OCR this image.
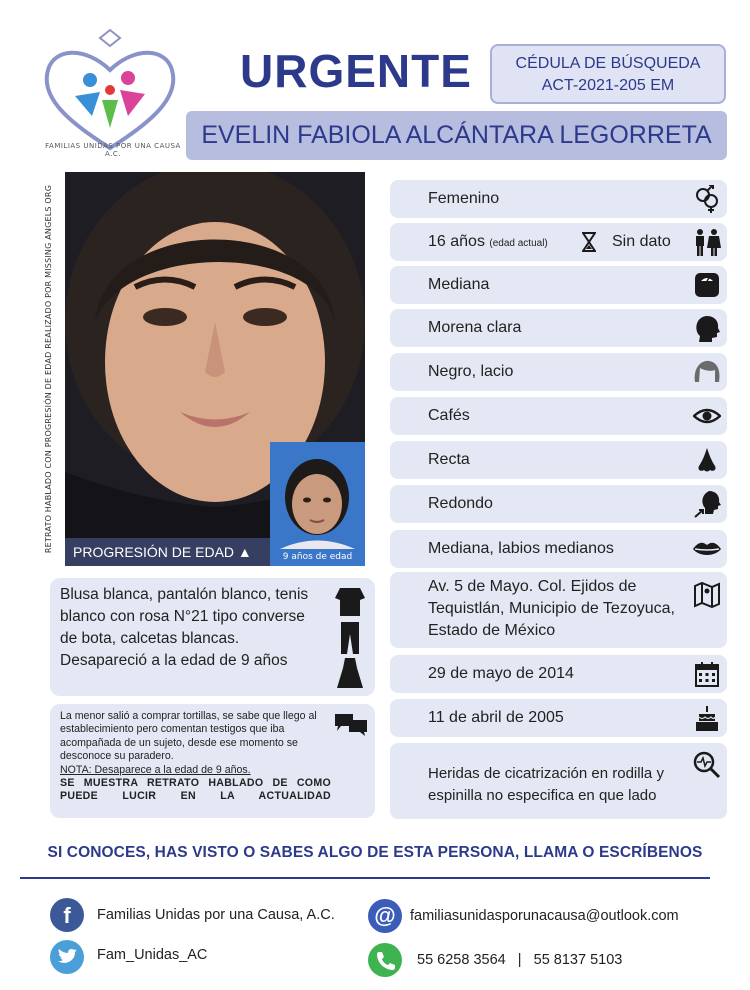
FAMILIAS UNIDAS POR UNA CAUSA A.C.
URGENTE	CÉDULA DE BÚSQUEDA
ACT-2021-205 EM
EVELIN FABIOLA ALCÁNTARA LEGORRETA
RETRATO HABLADO CON PROGRESIÓN DE EDAD REALIZADO POR MISSING ANGELS ORG
9 años de edad
PROGRESIÓN DE EDAD ▲
Blusa blanca, pantalón blanco, tenis blanco con rosa N°21 tipo converse de bota, calcetas blancas. Desapareció a la edad de 9 años
La menor salió a comprar tortillas, se sabe que llego al establecimiento pero comentan testigos que iba acompañada de un sujeto, desde ese momento se desconoce su paradero.
NOTA: Desaparece a la edad de 9 años.
SE MUESTRA RETRATO HABLADO DE COMO PUEDE LUCIR EN LA ACTUALIDAD
Femenino
16 años (edad actual)	Sin dato
Mediana
Morena clara
Negro, lacio
Cafés
Recta
Redondo
Mediana, labios medianos
Av. 5 de Mayo. Col. Ejidos de Tequistlán, Municipio de Tezoyuca, Estado de México
29 de mayo de 2014
11 de abril de 2005
Heridas de cicatrización en rodilla y espinilla no especifica en que lado
SI CONOCES, HAS VISTO O SABES ALGO DE ESTA PERSONA, LLAMA O ESCRÍBENOS
f	Familias Unidas por una Causa, A.C.
Fam_Unidas_AC
@ familiasunidasporunacausa@outlook.com
55 6258 3564   |   55 8137 5103
